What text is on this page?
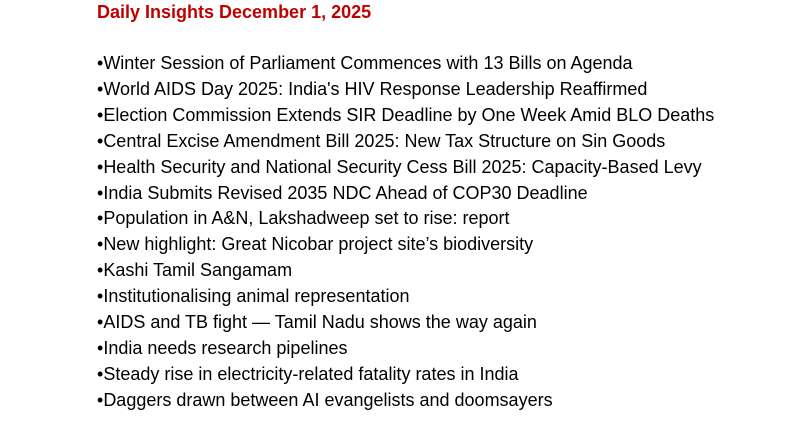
Daily Insights December 1, 2025
•Winter Session of Parliament Commences with 13 Bills on Agenda
•World AIDS Day 2025: India's HIV Response Leadership Reaffirmed
•Election Commission Extends SIR Deadline by One Week Amid BLO Deaths
•Central Excise Amendment Bill 2025: New Tax Structure on Sin Goods
•Health Security and National Security Cess Bill 2025: Capacity-Based Levy
•India Submits Revised 2035 NDC Ahead of COP30 Deadline
•Population in A&N, Lakshadweep set to rise: report
•New highlight: Great Nicobar project site’s biodiversity
•Kashi Tamil Sangamam
•Institutionalising animal representation
•AIDS and TB fight — Tamil Nadu shows the way again
•India needs research pipelines
•Steady rise in electricity-related fatality rates in India
•Daggers drawn between AI evangelists and doomsayers
